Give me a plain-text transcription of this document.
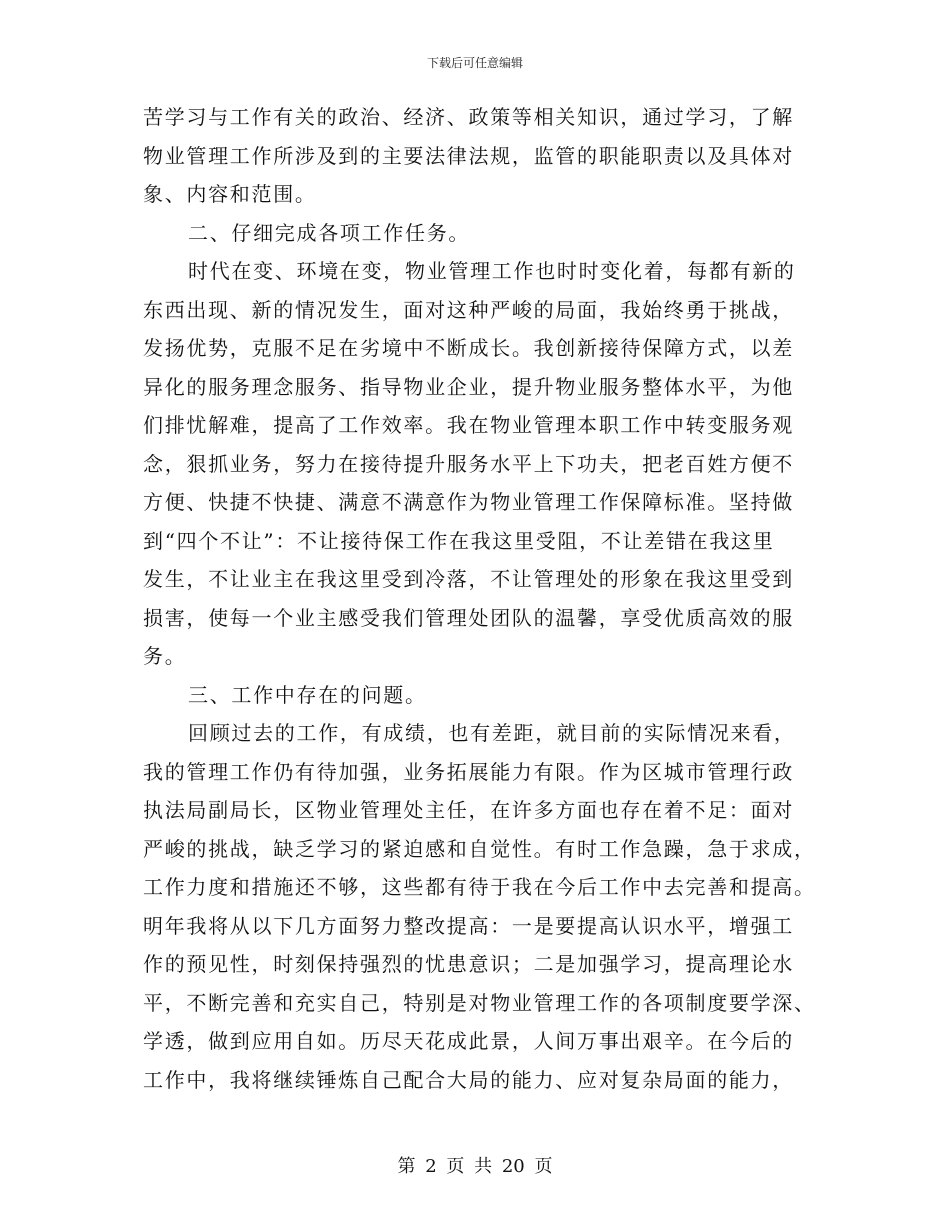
下载后可任意编辑
苦学习与工作有关的政治、经济、政策等相关知识，通过学习，了解
物业管理工作所涉及到的主要法律法规，监管的职能职责以及具体对
象、内容和范围。
二、仔细完成各项工作任务。
时代在变、环境在变，物业管理工作也时时变化着，每都有新的
东西出现、新的情况发生，面对这种严峻的局面，我始终勇于挑战，
发扬优势，克服不足在劣境中不断成长。我创新接待保障方式，以差
异化的服务理念服务、指导物业企业，提升物业服务整体水平，为他
们排忧解难，提高了工作效率。我在物业管理本职工作中转变服务观
念，狠抓业务，努力在接待提升服务水平上下功夫，把老百姓方便不
方便、快捷不快捷、满意不满意作为物业管理工作保障标准。坚持做
到“四个不让”：不让接待保工作在我这里受阻，不让差错在我这里
发生，不让业主在我这里受到冷落，不让管理处的形象在我这里受到
损害，使每一个业主感受我们管理处团队的温馨，享受优质高效的服
务。
三、工作中存在的问题。
回顾过去的工作，有成绩，也有差距，就目前的实际情况来看，
我的管理工作仍有待加强，业务拓展能力有限。作为区城市管理行政
执法局副局长，区物业管理处主任，在许多方面也存在着不足：面对
严峻的挑战，缺乏学习的紧迫感和自觉性。有时工作急躁，急于求成，
工作力度和措施还不够，这些都有待于我在今后工作中去完善和提高。
明年我将从以下几方面努力整改提高：一是要提高认识水平，增强工
作的预见性，时刻保持强烈的忧患意识；二是加强学习，提高理论水
平，不断完善和充实自己，特别是对物业管理工作的各项制度要学深、
学透，做到应用自如。历尽天花成此景，人间万事出艰辛。在今后的
工作中，我将继续锤炼自己配合大局的能力、应对复杂局面的能力，
第 2 页 共 20 页
